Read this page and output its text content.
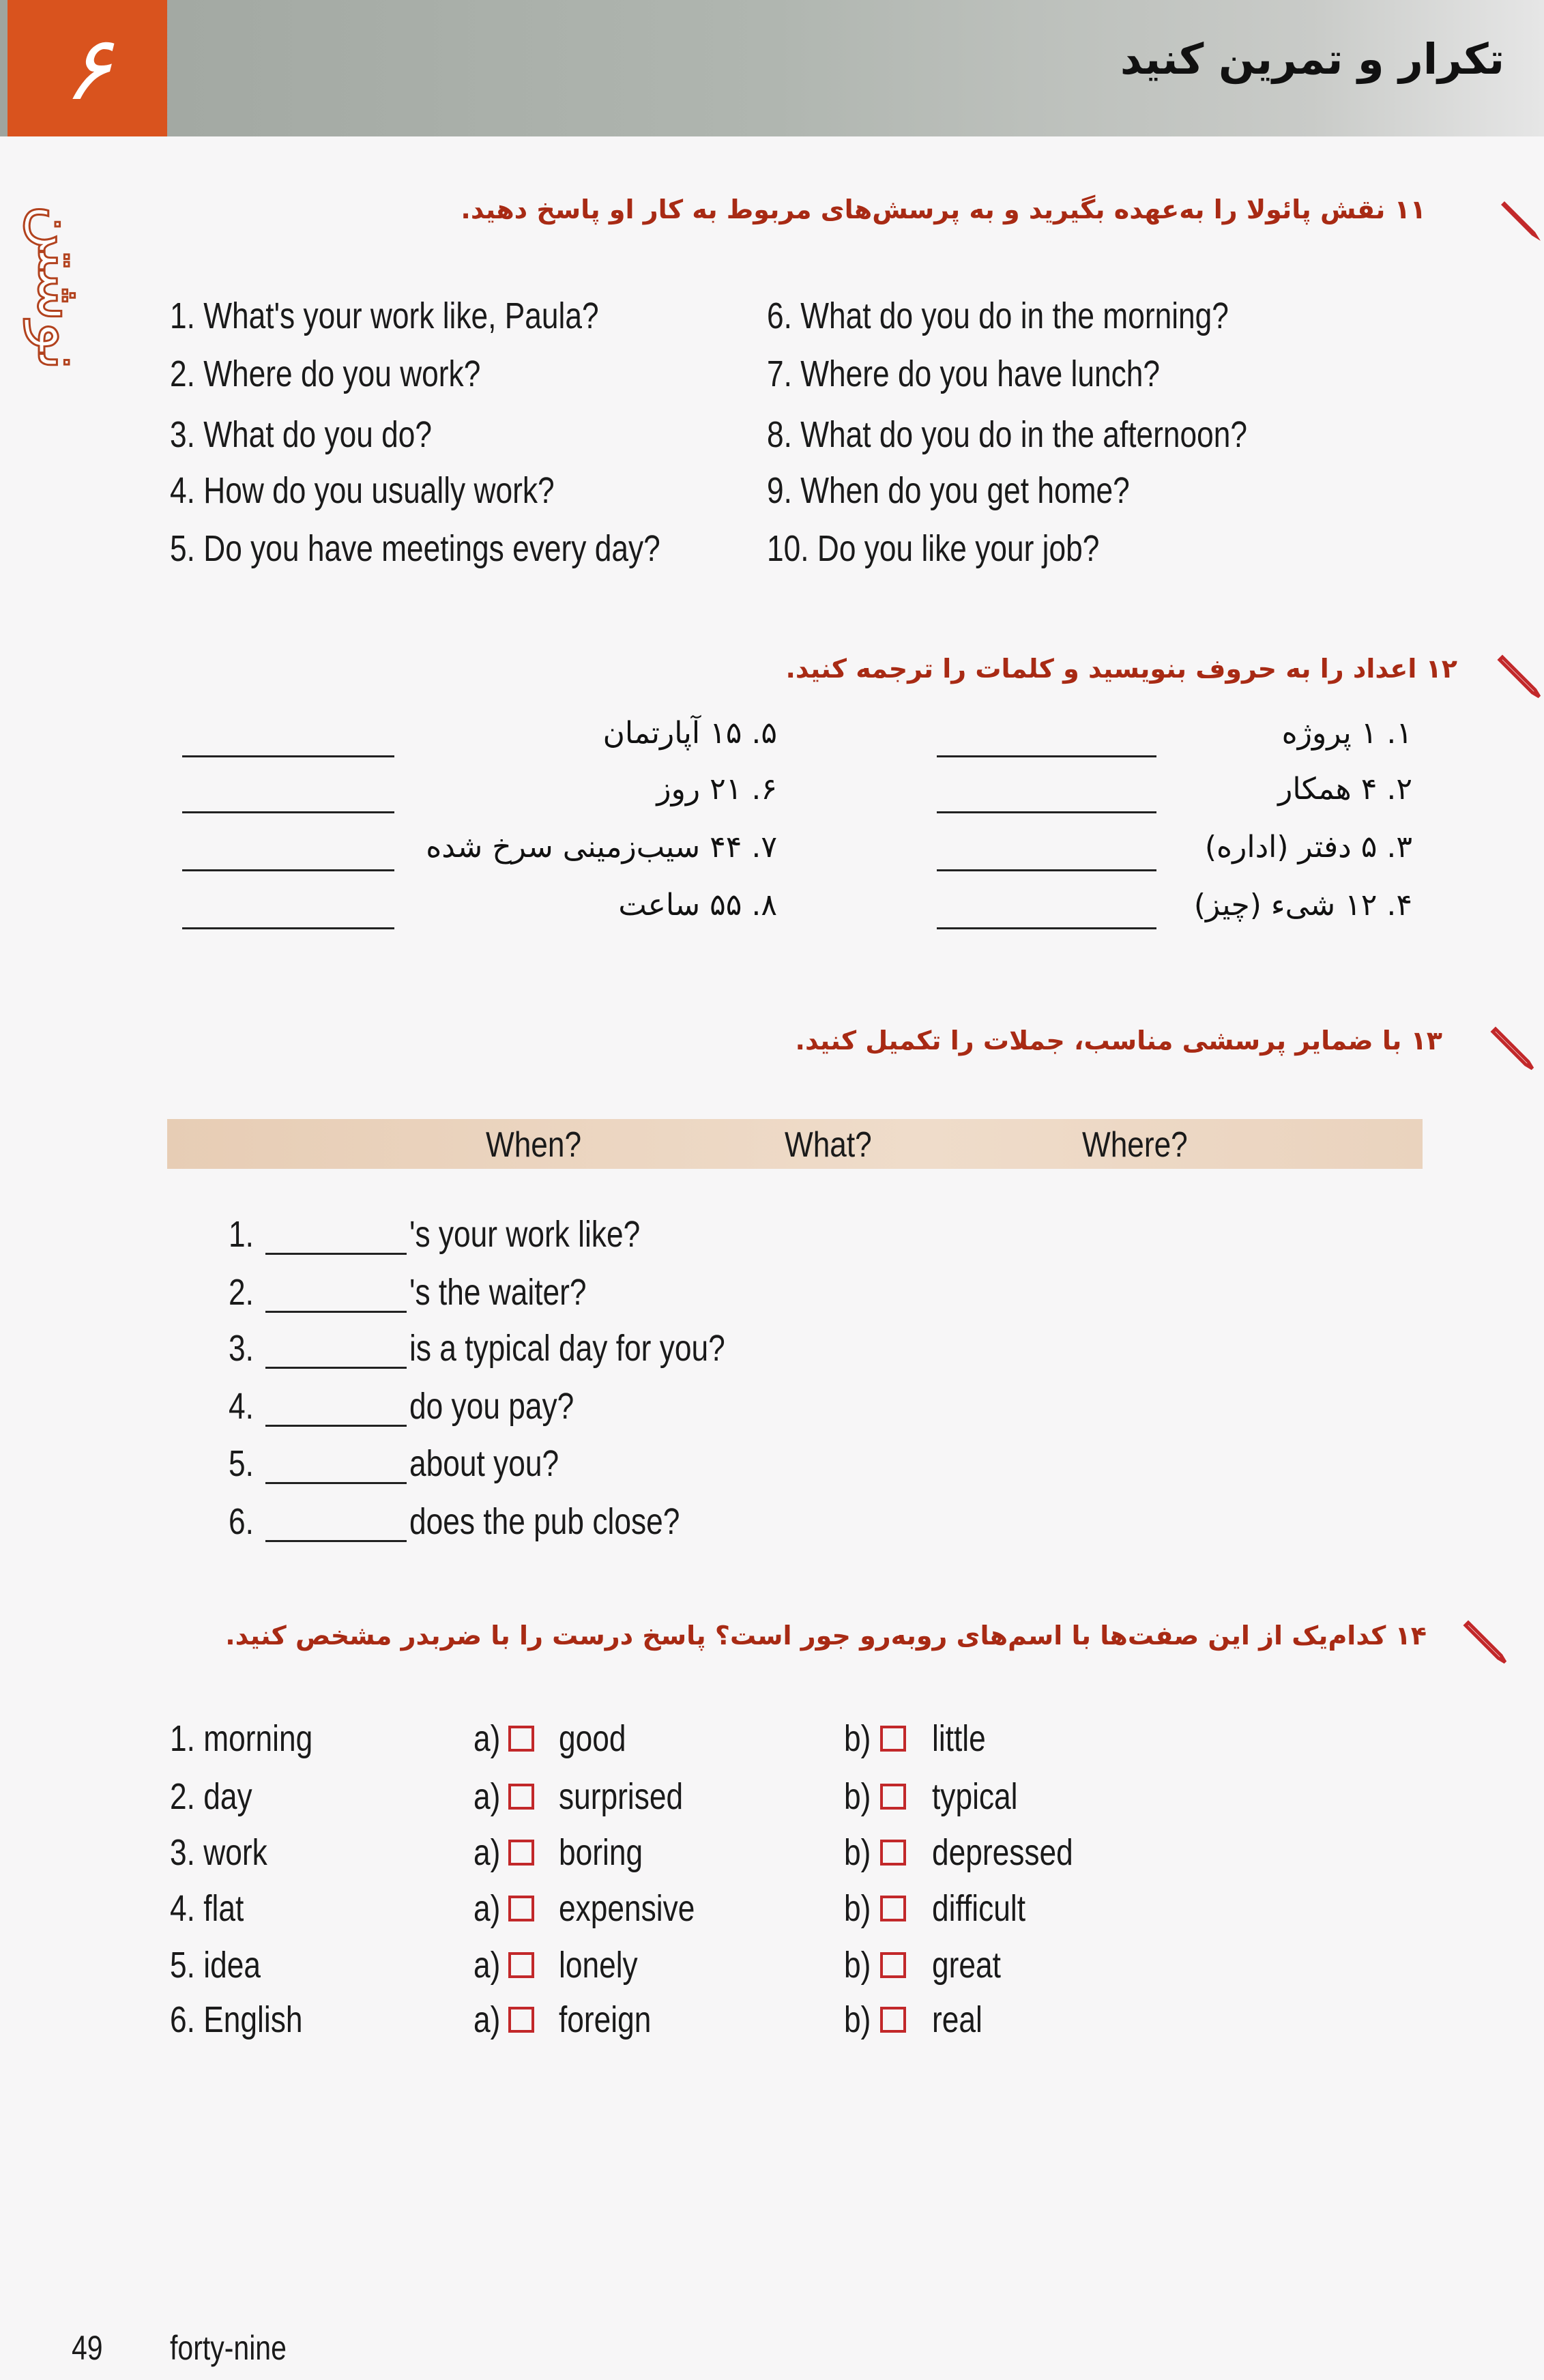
۶	تکرار و تمرین کنید
نوشتن	۱۱ نقش پائولا را به‌عهده بگیرید و به پرسش‌های مربوط به کار او پاسخ دهید.
۱۲ اعداد را به حروف بنویسید و کلمات را ترجمه کنید.
۱۳ با ضمایر پرسشی مناسب، جملات را تکمیل کنید.
When?	What?	Where?
۱۴ کدام‌یک از این صفت‌ها با اسم‌های روبه‌رو جور است؟ پاسخ درست را با ضربدر مشخص کنید.
49 forty-nine
1. What's your work like, Paula?
2. Where do you work?
3. What do you do?
4. How do you usually work?
5. Do you have meetings every day?
6. What do you do in the morning?
7. Where do you have lunch?
8. What do you do in the afternoon?
9. When do you get home?
10. Do you like your job?
۱. ۱ پروژه
۲. ۴ همکار
۳. ۵ دفتر (اداره)
۴. ۱۲ شیء (چیز)
۵. ۱۵ آپارتمان
۶. ۲۱ روز
۷. ۴۴ سیب‌زمینی سرخ شده
۸. ۵۵ ساعت
1.	's your work like?
2.	's the waiter?
3.	is a typical day for you?
4.	do you pay?
5.	about you?
6.	does the pub close?
1. morning	a) good	b) little
2. day	a) surprised	b) typical
3. work	a) boring	b) depressed
4. flat	a) expensive	b) difficult
5. idea	a) lonely	b) great
6. English	a) foreign	b) real
